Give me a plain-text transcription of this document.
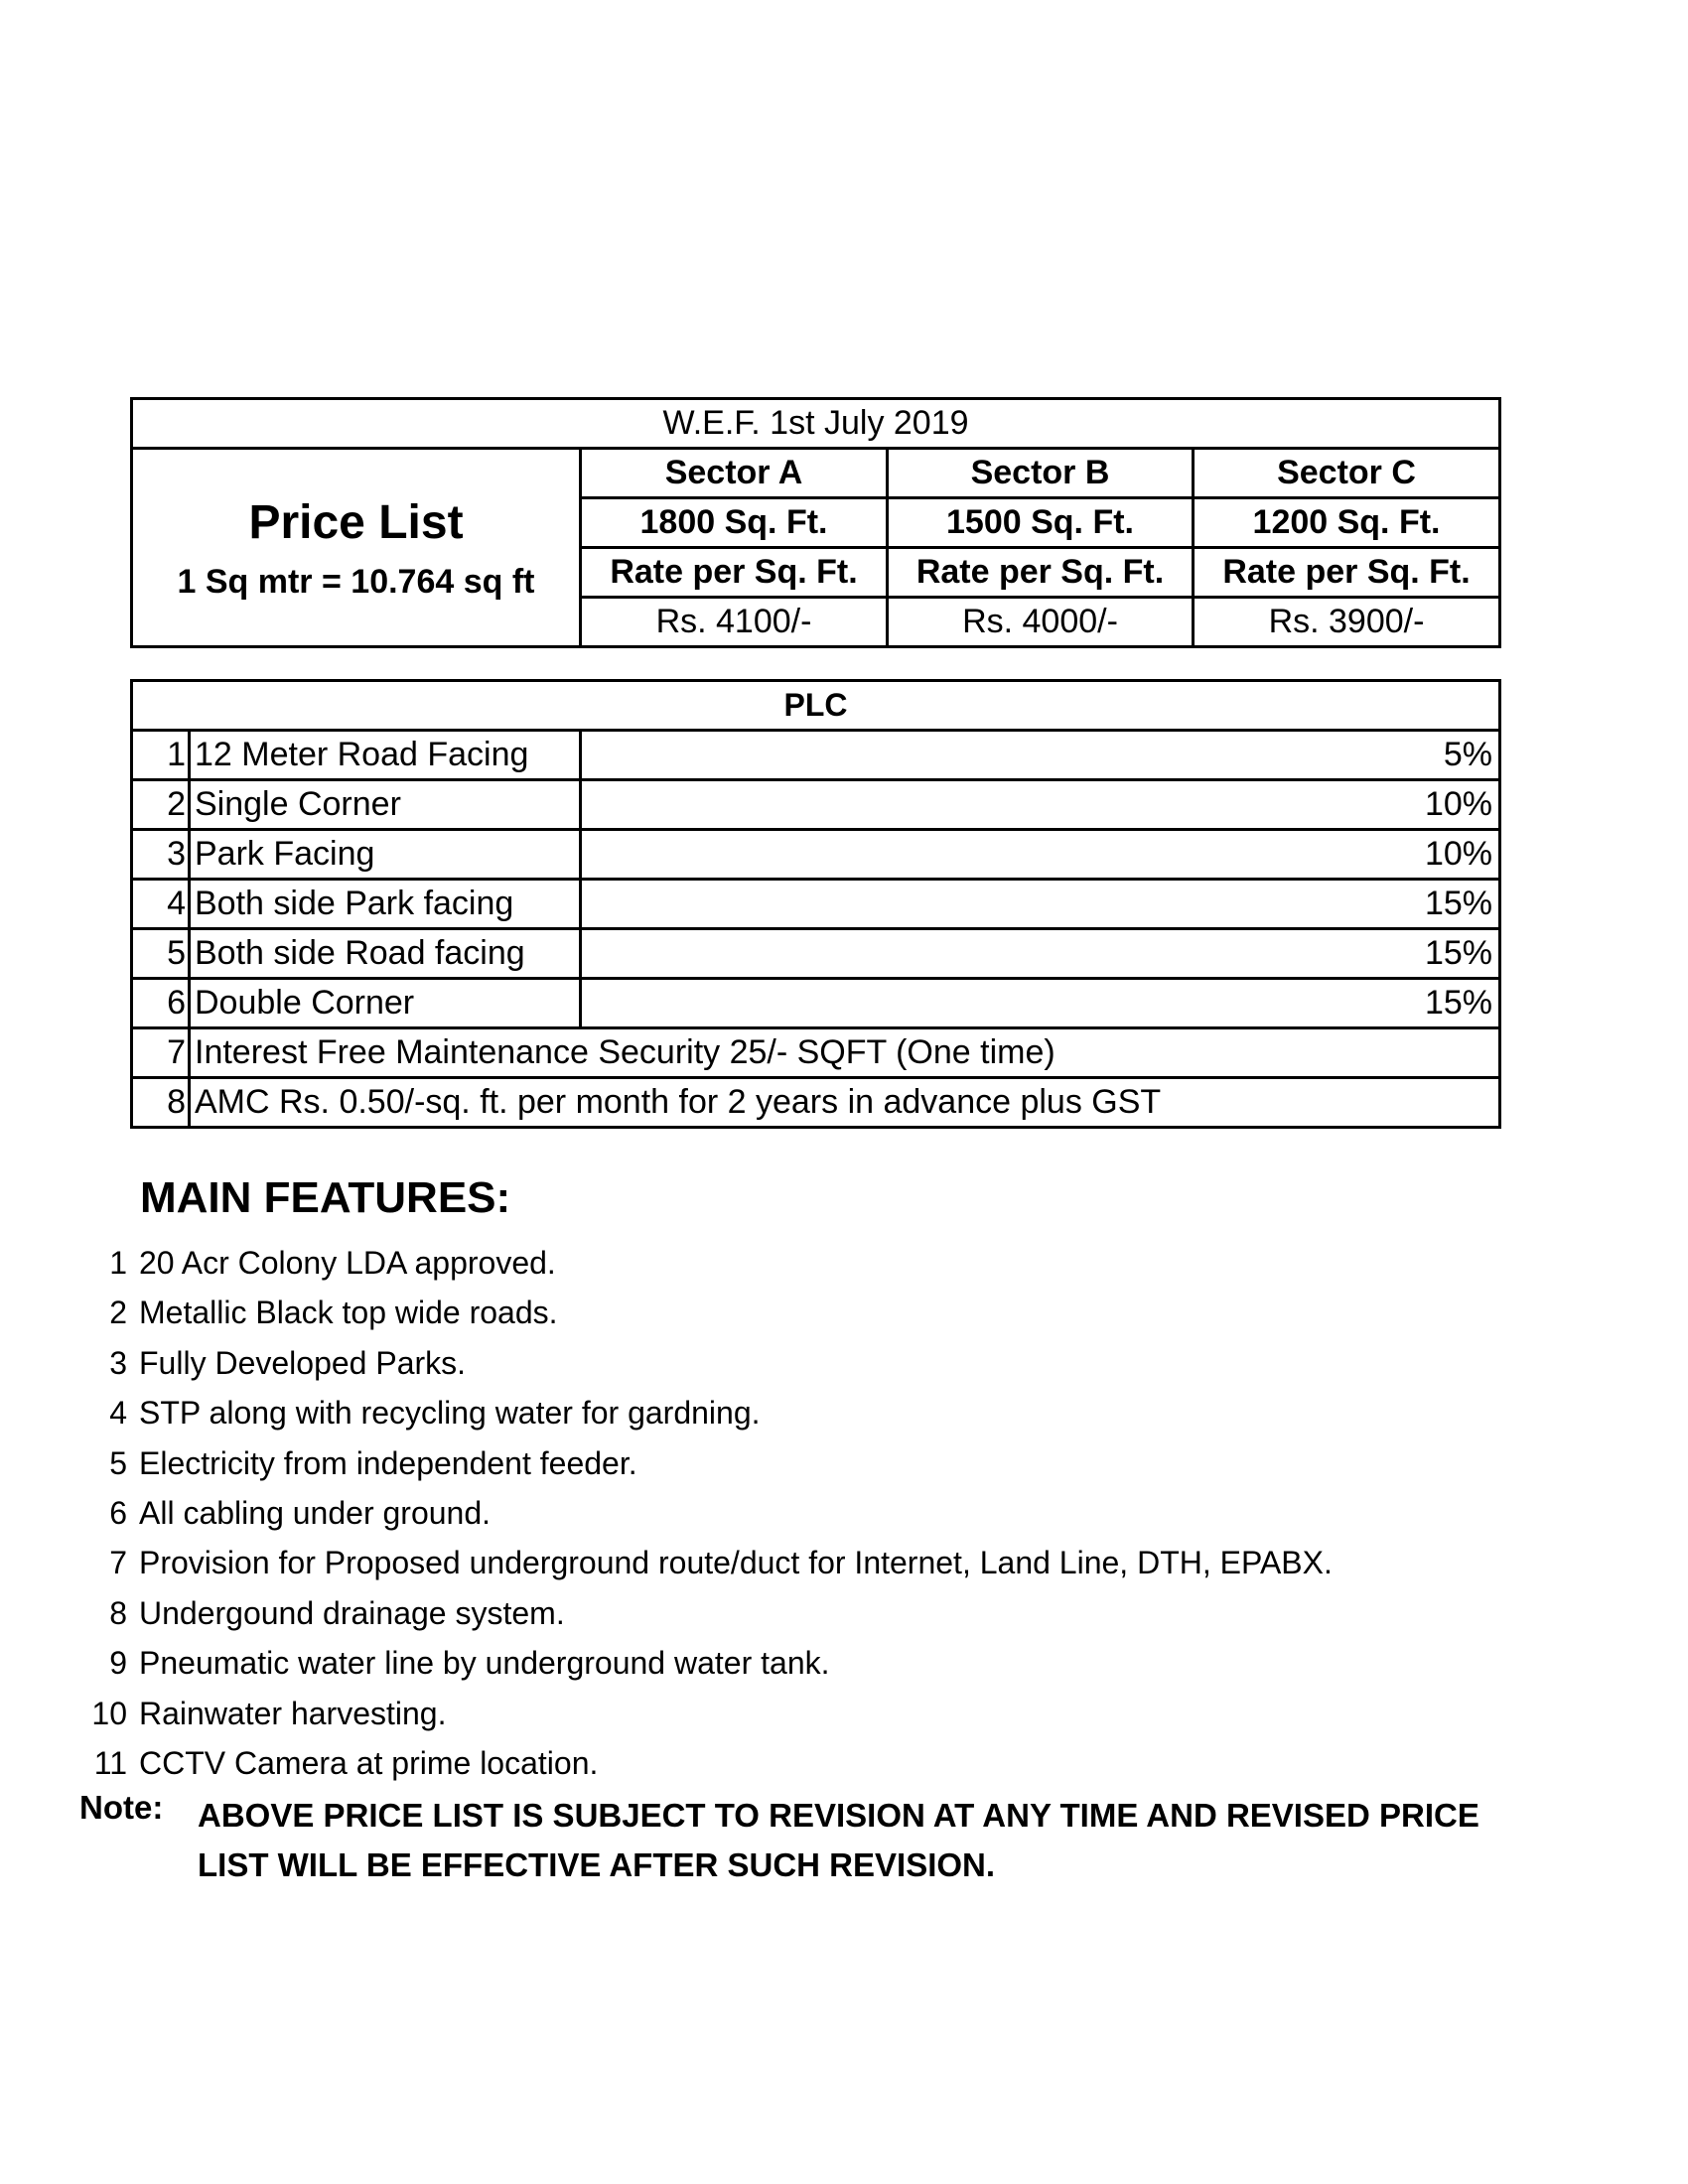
W.E.F. 1st July 2019			

Price List
1 Sq mtr = 10.764 sq ft	Sector A	Sector B	Sector C
	1800 Sq. Ft.	1500 Sq. Ft.	1200 Sq. Ft.
	Rate per Sq. Ft.	Rate per Sq. Ft.	Rate per Sq. Ft.
	Rs. 4100/-	Rs. 4000/-	Rs. 3900/-
PLC		
1	12 Meter Road Facing	5%
2	Single Corner	10%
3	Park Facing	10%
4	Both side Park facing	15%
5	Both side Road facing	15%
6	Double Corner	15%
7	Interest Free Maintenance Security 25/- SQFT (One time)	
8	AMC Rs. 0.50/-sq. ft. per month for 2 years in advance plus GST	
MAIN FEATURES:
1 20 Acr Colony LDA approved.
2 Metallic Black top wide roads.
3 Fully Developed Parks.
4 STP along with recycling water for gardning.
5 Electricity from independent feeder.
6 All cabling under ground.
7 Provision for Proposed underground route/duct for Internet, Land Line, DTH, EPABX.
8 Undergound drainage system.
9 Pneumatic water line by underground water tank.
10 Rainwater harvesting.
11 CCTV Camera at prime location.
Note: ABOVE PRICE LIST IS SUBJECT TO REVISION AT ANY TIME AND REVISED PRICE LIST WILL BE EFFECTIVE AFTER SUCH REVISION.
